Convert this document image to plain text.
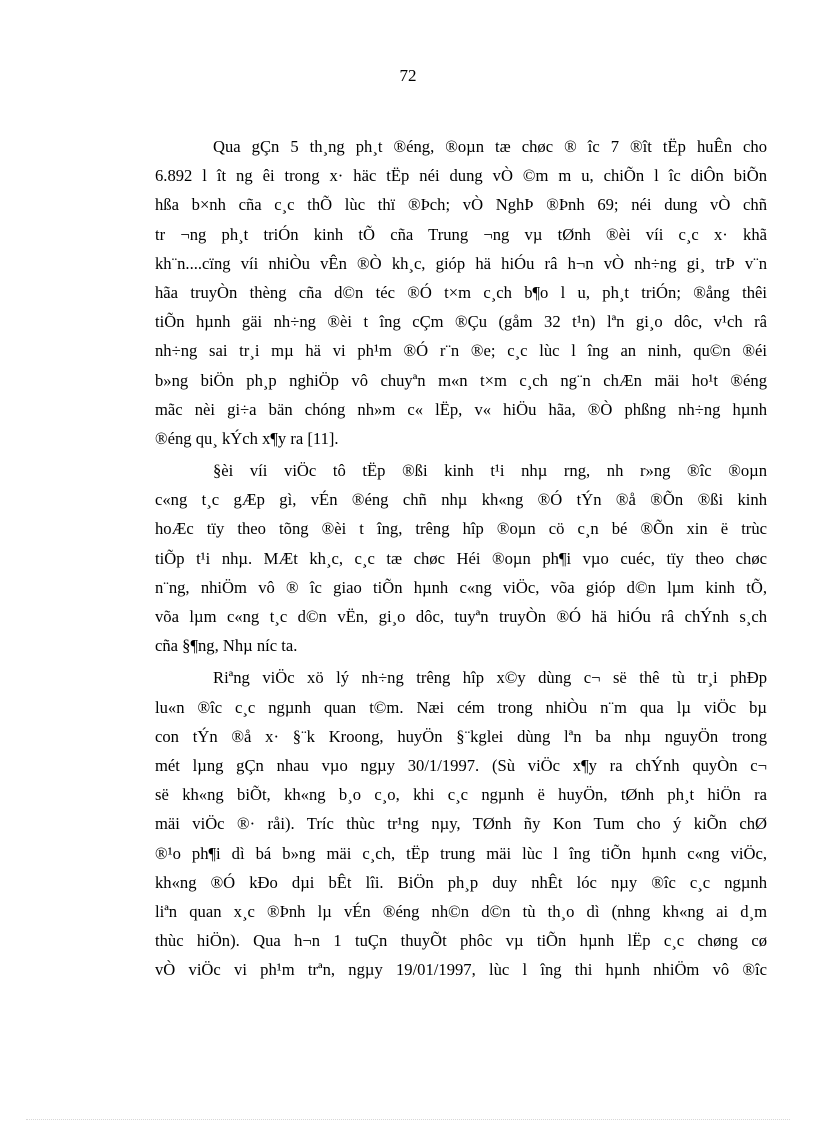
72
Qua gÇn 5 th¸ng ph¸t ®éng, ®oµn tæ chøc ® îc 7 ®ît tËp huÊn cho
6.892 l ît ng êi trong x· häc tËp néi dung vÒ ©m m u, chiÕn l îc diÔn biÕn
hßa b×nh cña c¸c thÕ lùc thï ®Þch; vÒ NghÞ ®Þnh 69; néi dung vÒ chñ
tr ¬ng ph¸t triÓn kinh tÕ cña Trung ¬ng vµ tØnh ®èi víi c¸c x· khã
kh¨n....cïng víi nhiÒu vÊn ®Ò kh¸c, gióp hä hiÓu râ h¬n vÒ nh÷ng gi¸ trÞ v¨n
hãa truyÒn thèng cña d©n téc ®Ó t×m c¸ch b¶o l u, ph¸t triÓn; ®ång thêi
tiÕn hµnh gäi nh÷ng ®èi t îng cÇm ®Çu (gåm 32 t¹n) lªn gi¸o dôc, v¹ch râ
nh÷ng sai tr¸i mµ hä vi ph¹m ®Ó r¨n ®e; c¸c lùc l îng an ninh, qu©n ®éi
b»ng biÖn ph¸p nghiÖp vô chuyªn m«n t×m c¸ch ng¨n chÆn mäi ho¹t ®éng
mãc nèi gi÷a bän chóng nh»m c« lËp, v« hiÖu hãa, ®Ò phßng nh÷ng hµnh
®éng qu¸ kÝch x¶y ra [11].
§èi víi viÖc tô tËp ®ßi kinh t¹i nhµ rng, nh r»ng ®îc ®oµn
c«ng t¸c gÆp gì, vÉn ®éng chñ nhµ kh«ng ®Ó tÝn ®å ®Õn ®ßi kinh
hoÆc tïy theo tõng ®èi t îng, trêng hîp ®oµn cö c¸n bé ®Õn xin ë trùc
tiÕp t¹i nhµ. MÆt kh¸c, c¸c tæ chøc Héi ®oµn ph¶i vµo cuéc, tïy theo chøc
n¨ng, nhiÖm vô ® îc giao tiÕn hµnh c«ng viÖc, võa gióp d©n lµm kinh tÕ,
võa lµm c«ng t¸c d©n vËn, gi¸o dôc, tuyªn truyÒn ®Ó hä hiÓu râ chÝnh s¸ch
cña §¶ng, Nhµ níc ta.
Riªng viÖc xö lý nh÷ng trêng hîp x©y dùng c¬ së thê tù tr¸i phÐp
lu«n ®îc c¸c ngµnh quan t©m. Næi cém trong nhiÒu n¨m qua lµ viÖc bµ
con tÝn ®å x· §¨k Kroong, huyÖn §¨kglei dùng lªn ba nhµ nguyÖn trong
mét lµng gÇn nhau vµo ngµy 30/1/1997. (Sù viÖc x¶y ra chÝnh quyÒn c¬
së kh«ng biÕt, kh«ng b¸o c¸o, khi c¸c ngµnh ë huyÖn, tØnh ph¸t hiÖn ra
mäi viÖc ®· råi). Tríc thùc tr¹ng nµy, TØnh ñy Kon Tum cho ý kiÕn chØ
®¹o ph¶i dì bá b»ng mäi c¸ch, tËp trung mäi lùc l îng tiÕn hµnh c«ng viÖc,
kh«ng ®Ó kÐo dµi bÊt lîi. BiÖn ph¸p duy nhÊt lóc nµy ®îc c¸c ngµnh
liªn quan x¸c ®Þnh lµ vÉn ®éng nh©n d©n tù th¸o dì (nhng kh«ng ai d¸m
thùc hiÖn). Qua h¬n 1 tuÇn thuyÕt phôc vµ tiÕn hµnh lËp c¸c chøng cø
vÒ viÖc vi ph¹m trªn, ngµy 19/01/1997, lùc l îng thi hµnh nhiÖm vô ®îc
